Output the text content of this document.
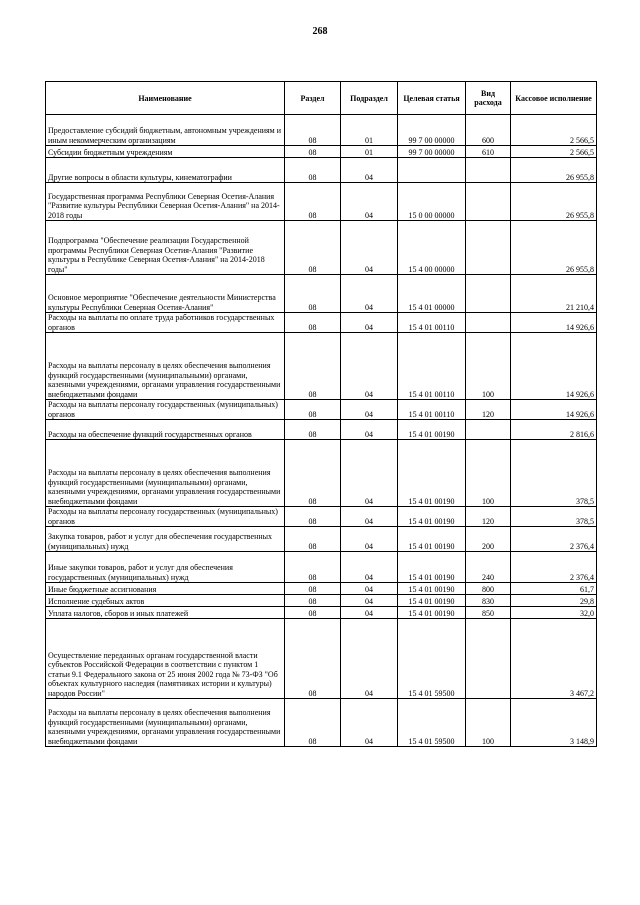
268
Наименование	Раздел	Подраздел	Целевая статья	Вид расхода	Кассовое исполнение
Предоставление субсидий бюджетным, автономным учреждениям и иным некоммерческим организациям	08	01	99 7 00 00000	600	2 566,5
Субсидии бюджетным учреждениям	08	01	99 7 00 00000	610	2 566,5
Другие вопросы в области культуры, кинематографии	08	04			26 955,8
Государственная программа Республики Северная Осетия-Алания "Развитие культуры Республики Северная Осетия-Алания" на 2014-2018 годы	08	04	15 0 00 00000		26 955,8
Подпрограмма "Обеспечение реализации Государственной программы Республики Северная Осетия-Алания "Развитие культуры в Республике Северная Осетия-Алания" на 2014-2018 годы"	08	04	15 4 00 00000		26 955,8
Основное мероприятие "Обеспечение деятельности Министерства культуры Республики Северная Осетия-Алания"	08	04	15 4 01 00000		21 210,4
Расходы на выплаты по оплате труда работников государственных органов	08	04	15 4 01 00110		14 926,6
Расходы на выплаты персоналу в целях обеспечения выполнения функций государственными (муниципальными) органами, казенными учреждениями, органами управления государственными внебюджетными фондами	08	04	15 4 01 00110	100	14 926,6
Расходы на выплаты персоналу государственных (муниципальных) органов	08	04	15 4 01 00110	120	14 926,6
Расходы на обеспечение функций государственных органов	08	04	15 4 01 00190		2 816,6
Расходы на выплаты персоналу в целях обеспечения выполнения функций государственными (муниципальными) органами, казенными учреждениями, органами управления государственными внебюджетными фондами	08	04	15 4 01 00190	100	378,5
Расходы на выплаты персоналу государственных (муниципальных) органов	08	04	15 4 01 00190	120	378,5
Закупка товаров, работ и услуг для обеспечения государственных (муниципальных) нужд	08	04	15 4 01 00190	200	2 376,4
Иные закупки товаров, работ и услуг для обеспечения государственных (муниципальных) нужд	08	04	15 4 01 00190	240	2 376,4
Иные бюджетные ассигнования	08	04	15 4 01 00190	800	61,7
Исполнение судебных актов	08	04	15 4 01 00190	830	29,8
Уплата налогов, сборов и иных платежей	08	04	15 4 01 00190	850	32,0
Осуществление переданных органам государственной власти субъектов Российской Федерации в соответствии с пунктом 1 статьи 9.1 Федерального закона от 25 июня 2002 года № 73-ФЗ "Об объектах культурного наследия (памятниках истории и культуры) народов России"	08	04	15 4 01 59500		3 467,2
Расходы на выплаты персоналу в целях обеспечения выполнения функций государственными (муниципальными) органами, казенными учреждениями, органами управления государственными внебюджетными фондами	08	04	15 4 01 59500	100	3 148,9
